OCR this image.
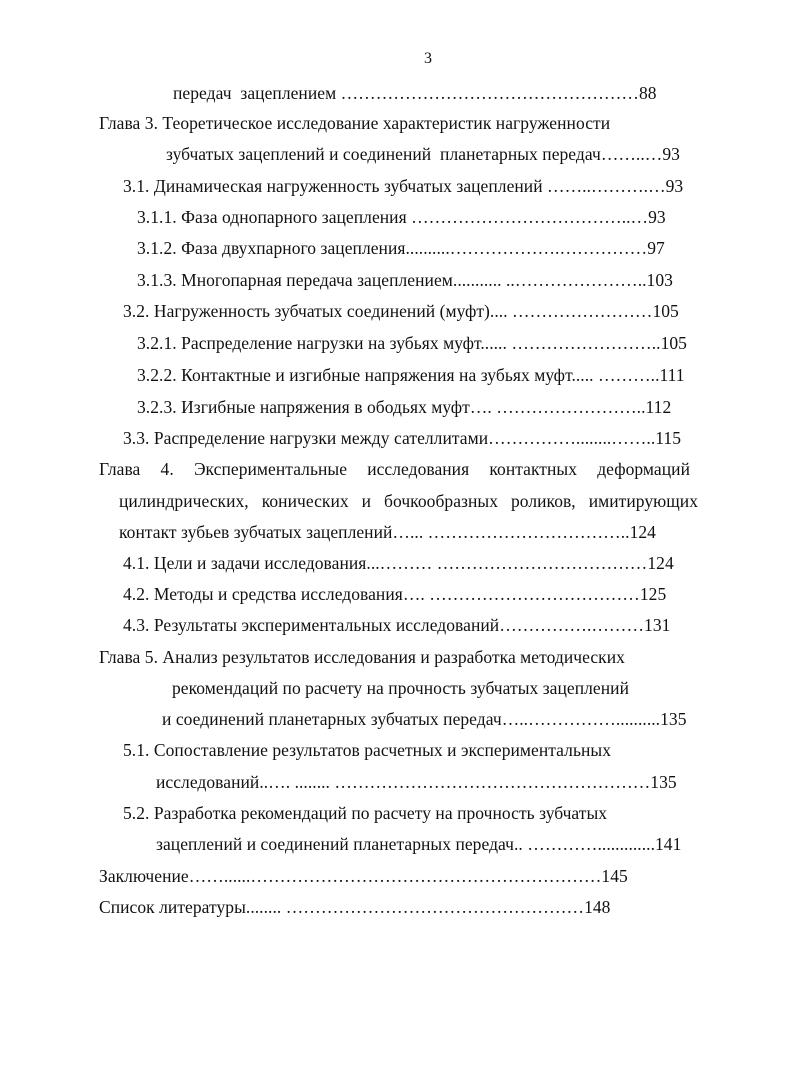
3
передач  зацеплением ……………………………………………88
Глава 3. Теоретическое исследование характеристик нагруженности
зубчатых зацеплений и соединений  планетарных передач……..…93
3.1. Динамическая нагруженность зубчатых зацеплений ……..……….…93
3.1.1. Фаза однопарного зацепления ………………………………..…93
3.1.2. Фаза двухпарного зацепления..........……………….……………97
3.1.3. Многопарная передача зацеплением........... ..…………………..103
3.2. Нагруженность зубчатых соединений (муфт).... ……………………105
3.2.1. Распределение нагрузки на зубьях муфт...... ……………………..105
3.2.2. Контактные и изгибные напряжения на зубьях муфт..... ………..111
3.2.3. Изгибные напряжения в ободьях муфт…. ……………………..112
3.3. Распределение нагрузки между сателлитами……………........……..115
Глава 4. Экспериментальные исследования контактных деформаций
цилиндрических, конических и бочкообразных роликов, имитирующих
контакт зубьев зубчатых зацеплений…... ……………………………..124
4.1. Цели и задачи исследования...……… ………………………………124
4.2. Методы и средства исследования…. ………………………………125
4.3. Результаты экспериментальных исследований…………….………131
Глава 5. Анализ результатов исследования и разработка методических
рекомендаций по расчету на прочность зубчатых зацеплений
и соединений планетарных зубчатых передач…..……………..........135
5.1. Сопоставление результатов расчетных и экспериментальных
исследований..…. ........ ………………………………………………135
5.2. Разработка рекомендаций по расчету на прочность зубчатых
зацеплений и соединений планетарных передач.. ………….............141
Заключение……......……………………………………………………145
Список литературы........ ……………………………………………148
